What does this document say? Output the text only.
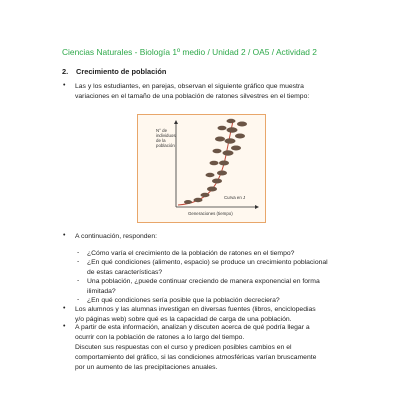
Ciencias Naturales - Biología 1º medio / Unidad 2 / OA5 / Actividad 2
2. Crecimiento de población
• Las y los estudiantes, en parejas, observan el siguiente gráfico que muestra
variaciones en el tamaño de una población de ratones silvestres en el tiempo:
N° de
individuos
de la
población
Curva en J
Generaciones (tiempo)
• A continuación, responden:
- ¿Cómo varía el crecimiento de la población de ratones en el tiempo?
- ¿En qué condiciones (alimento, espacio) se produce un crecimiento poblacional
de estas características?
- Una población, ¿puede continuar creciendo de manera exponencial en forma
ilimitada?
- ¿En qué condiciones sería posible que la población decreciera?
• Los alumnos y las alumnas investigan en diversas fuentes (libros, enciclopedias
y/o páginas web) sobre qué es la capacidad de carga de una población.
• A partir de esta información, analizan y discuten acerca de qué podría llegar a
ocurrir con la población de ratones a lo largo del tiempo.
Discuten sus respuestas con el curso y predicen posibles cambios en el
comportamiento del gráfico, si las condiciones atmosféricas varían bruscamente
por un aumento de las precipitaciones anuales.
